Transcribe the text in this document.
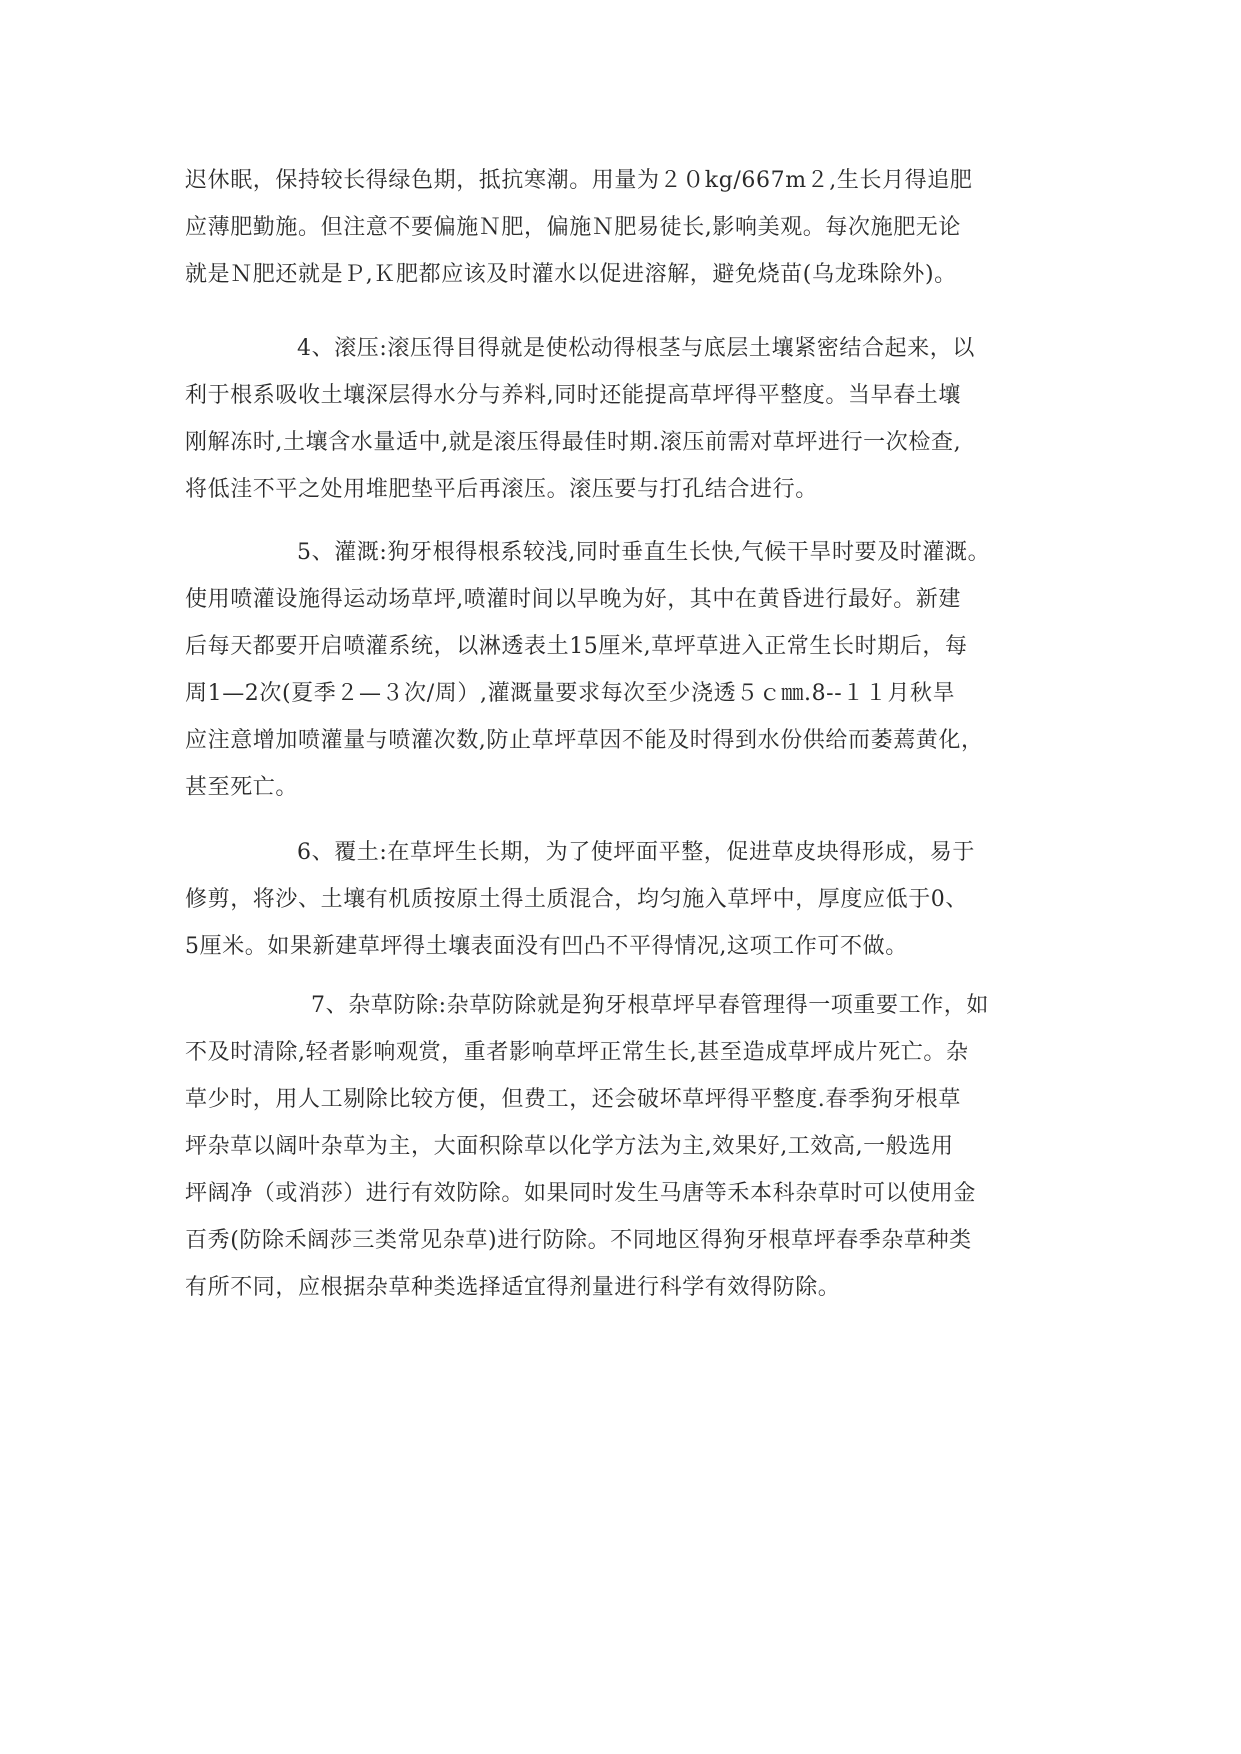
迟休眠，保持较长得绿色期，抵抗寒潮。用量为２０kg/667m２,生长月得追肥
应薄肥勤施。但注意不要偏施Ｎ肥，偏施Ｎ肥易徒长,影响美观。每次施肥无论
就是Ｎ肥还就是Ｐ,Ｋ肥都应该及时灌水以促进溶解，避免烧苗(乌龙珠除外)。
4、滚压:滚压得目得就是使松动得根茎与底层土壤紧密结合起来，以
利于根系吸收土壤深层得水分与养料,同时还能提高草坪得平整度。当早春土壤
刚解冻时,土壤含水量适中,就是滚压得最佳时期.滚压前需对草坪进行一次检查,
将低洼不平之处用堆肥垫平后再滚压。滚压要与打孔结合进行。
5、灌溉:狗牙根得根系较浅,同时垂直生长快,气候干旱时要及时灌溉。
使用喷灌设施得运动场草坪,喷灌时间以早晚为好，其中在黄昏进行最好。新建
后每天都要开启喷灌系统，以淋透表土15厘米,草坪草进入正常生长时期后，每
周1—2次(夏季２—３次/周）,灌溉量要求每次至少浇透５ｃ㎜.8--１１月秋旱
应注意增加喷灌量与喷灌次数,防止草坪草因不能及时得到水份供给而萎蔫黄化，
甚至死亡。
6、覆土:在草坪生长期，为了使坪面平整，促进草皮块得形成，易于
修剪，将沙、土壤有机质按原土得土质混合，均匀施入草坪中，厚度应低于0、
5厘米。如果新建草坪得土壤表面没有凹凸不平得情况,这项工作可不做。
7、杂草防除:杂草防除就是狗牙根草坪早春管理得一项重要工作，如
不及时清除,轻者影响观赏，重者影响草坪正常生长,甚至造成草坪成片死亡。杂
草少时，用人工剔除比较方便，但费工，还会破坏草坪得平整度.春季狗牙根草
坪杂草以阔叶杂草为主，大面积除草以化学方法为主,效果好,工效高,一般选用
坪阔净（或消莎）进行有效防除。如果同时发生马唐等禾本科杂草时可以使用金
百秀(防除禾阔莎三类常见杂草)进行防除。不同地区得狗牙根草坪春季杂草种类
有所不同，应根据杂草种类选择适宜得剂量进行科学有效得防除。
